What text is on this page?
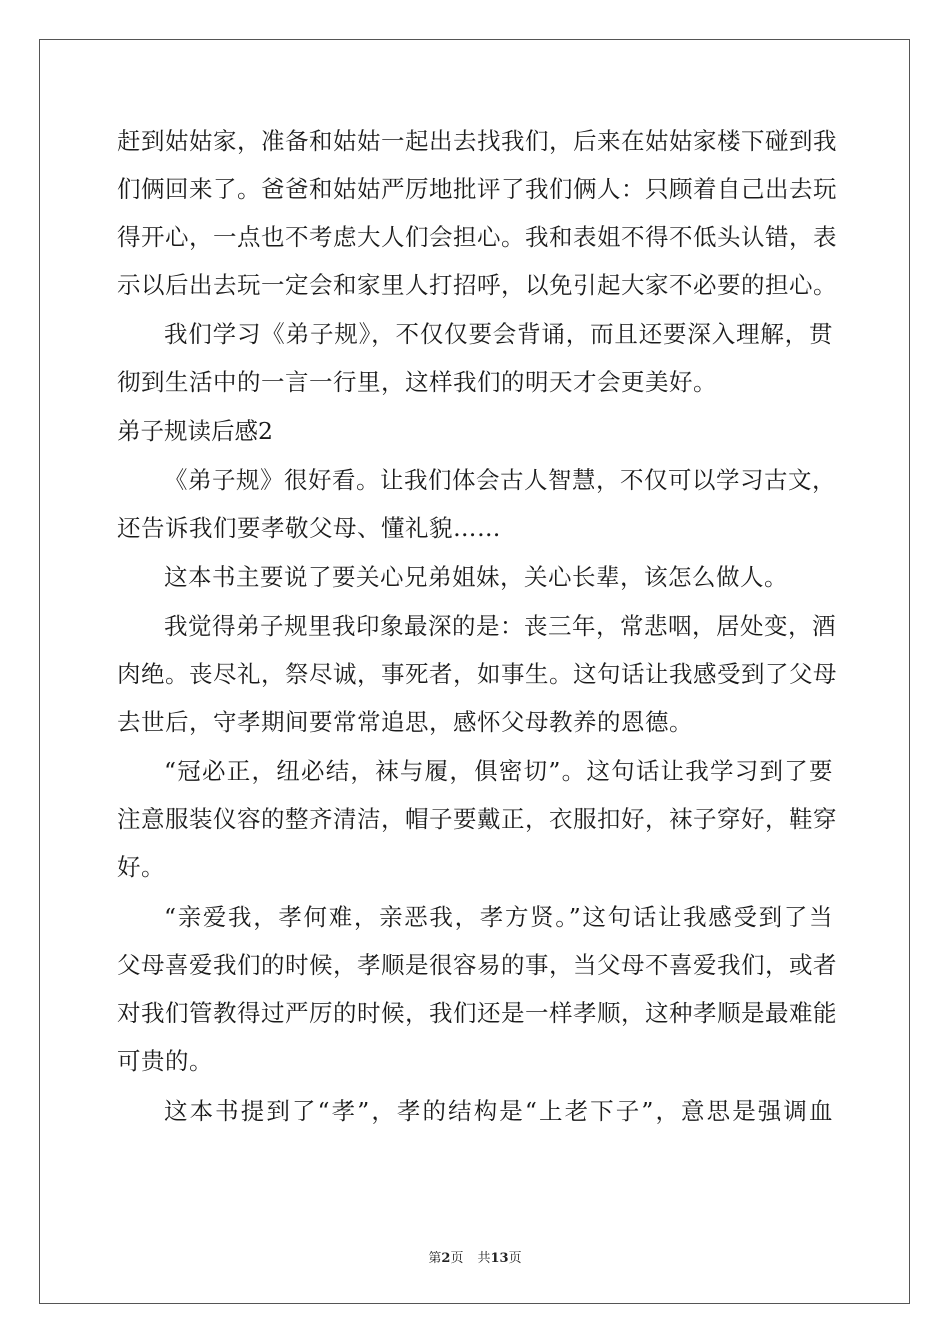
赶到姑姑家，准备和姑姑一起出去找我们，后来在姑姑家楼下碰到我
们俩回来了。爸爸和姑姑严厉地批评了我们俩人：只顾着自己出去玩
得开心，一点也不考虑大人们会担心。我和表姐不得不低头认错，表
示以后出去玩一定会和家里人打招呼，以免引起大家不必要的担心。
我们学习《弟子规》，不仅仅要会背诵，而且还要深入理解，贯
彻到生活中的一言一行里，这样我们的明天才会更美好。
弟子规读后感2
《弟子规》很好看。让我们体会古人智慧，不仅可以学习古文，
还告诉我们要孝敬父母、懂礼貌……
这本书主要说了要关心兄弟姐妹，关心长辈，该怎么做人。
我觉得弟子规里我印象最深的是：丧三年，常悲咽，居处变，酒
肉绝。丧尽礼，祭尽诚，事死者，如事生。这句话让我感受到了父母
去世后，守孝期间要常常追思，感怀父母教养的恩德。
“冠必正，纽必结，袜与履，俱密切”。这句话让我学习到了要
注意服装仪容的整齐清洁，帽子要戴正，衣服扣好，袜子穿好，鞋穿
好。
“亲爱我，孝何难，亲恶我，孝方贤。”这句话让我感受到了当
父母喜爱我们的时候，孝顺是很容易的事，当父母不喜爱我们，或者
对我们管教得过严厉的时候，我们还是一样孝顺，这种孝顺是最难能
可贵的。
这本书提到了“孝”，孝的结构是“上老下子”，意思是强调血
第2页 共13页
